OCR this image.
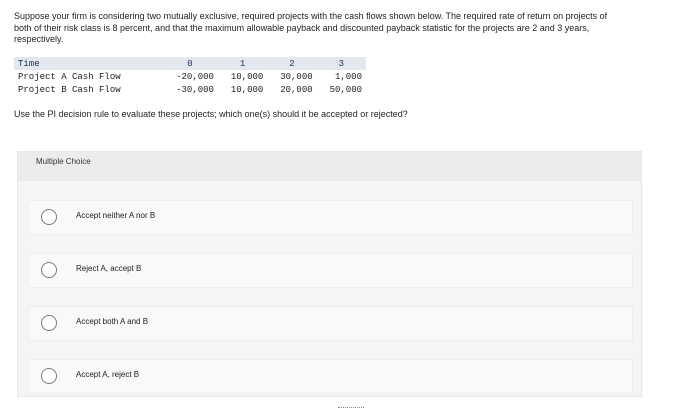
Suppose your firm is considering two mutually exclusive, required projects with the cash flows shown below. The required rate of return on projects of
both of their risk class is 8 percent, and that the maximum allowable payback and discounted payback statistic for the projects are 2 and 3 years,
respectively.
Time	0	1	2	3
Project A Cash Flow	-20,000	10,000	30,000	1,000
Project B Cash Flow	-30,000	10,000	20,000	50,000
Use the PI decision rule to evaluate these projects; which one(s) should it be accepted or rejected?
Multiple Choice
Accept neither A nor B
Reject A, accept B
Accept both A and B
Accept A, reject B
